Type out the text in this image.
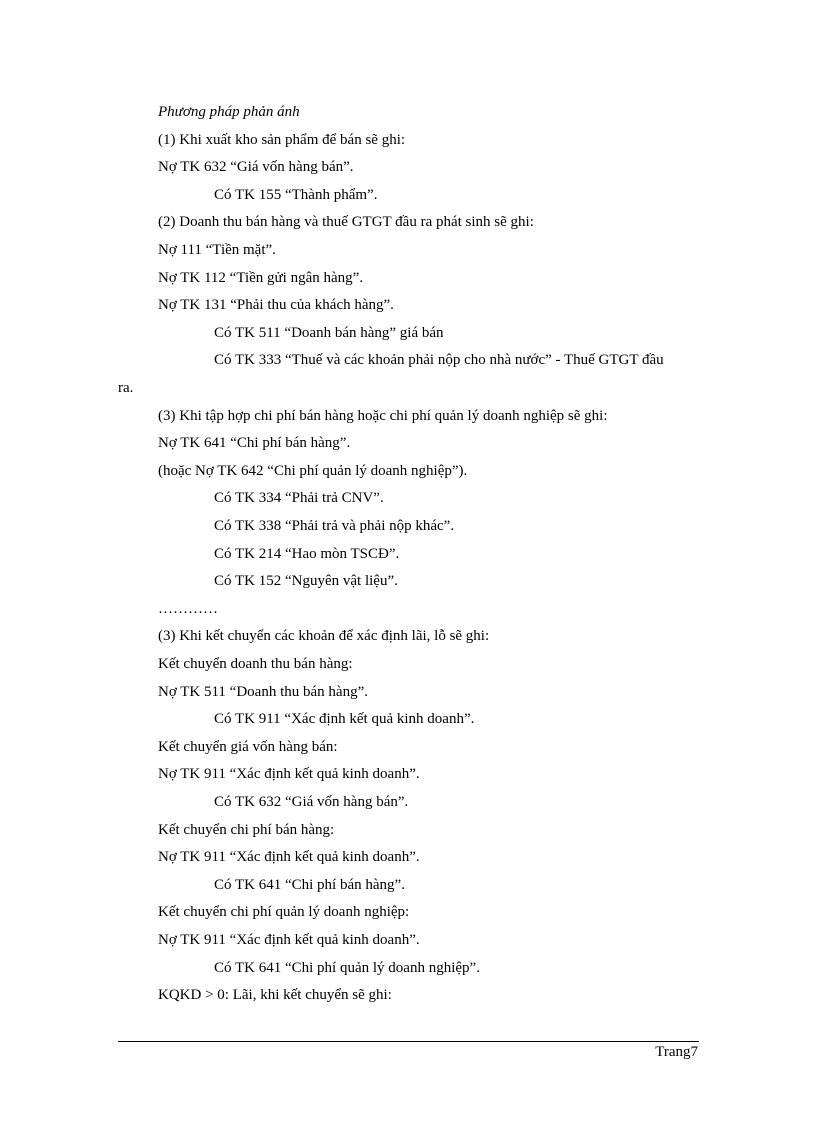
Phương pháp phản ánh
(1) Khi xuất kho sản phẩm để bán sẽ ghi:
Nợ TK 632 “Giá vốn hàng bán”.
Có TK 155 “Thành phẩm”.
(2) Doanh thu bán hàng và thuế GTGT đầu ra phát sinh sẽ ghi:
Nợ 111 “Tiền mặt”.
Nợ TK 112 “Tiền gửi ngân hàng”.
Nợ TK 131 “Phải thu của khách hàng”.
Có TK 511 “Doanh bán hàng” giá bán
Có TK 333 “Thuế và các khoản phải nộp cho nhà nước” - Thuế GTGT đầu
ra.
(3) Khi tập hợp chi phí bán hàng hoặc chi phí quản lý doanh nghiệp sẽ ghi:
Nợ TK 641 “Chi phí bán hàng”.
(hoặc Nợ TK 642 “Chi phí quản lý doanh nghiệp”).
Có TK 334 “Phải trả CNV”.
Có TK 338 “Phải trả và phải nộp khác”.
Có TK 214 “Hao mòn TSCĐ”.
Có TK 152 “Nguyên vật liệu”.
…………
(3) Khi kết chuyển các khoản để xác định lãi, lỗ sẽ ghi:
Kết chuyển doanh thu bán hàng:
Nợ TK 511 “Doanh thu bán hàng”.
Có TK 911 “Xác định kết quả kinh doanh”.
Kết chuyển giá vốn hàng bán:
Nợ TK 911 “Xác định kết quả kinh doanh”.
Có TK 632 “Giá vốn hàng bán”.
Kết chuyển chi phí bán hàng:
Nợ TK 911 “Xác định kết quả kinh doanh”.
Có TK 641 “Chi phí bán hàng”.
Kết chuyển chi phí quản lý doanh nghiệp:
Nợ TK 911 “Xác định kết quả kinh doanh”.
Có TK 641 “Chi phí quản lý doanh nghiệp”.
KQKD > 0: Lãi, khi kết chuyển sẽ ghi:
Trang7
